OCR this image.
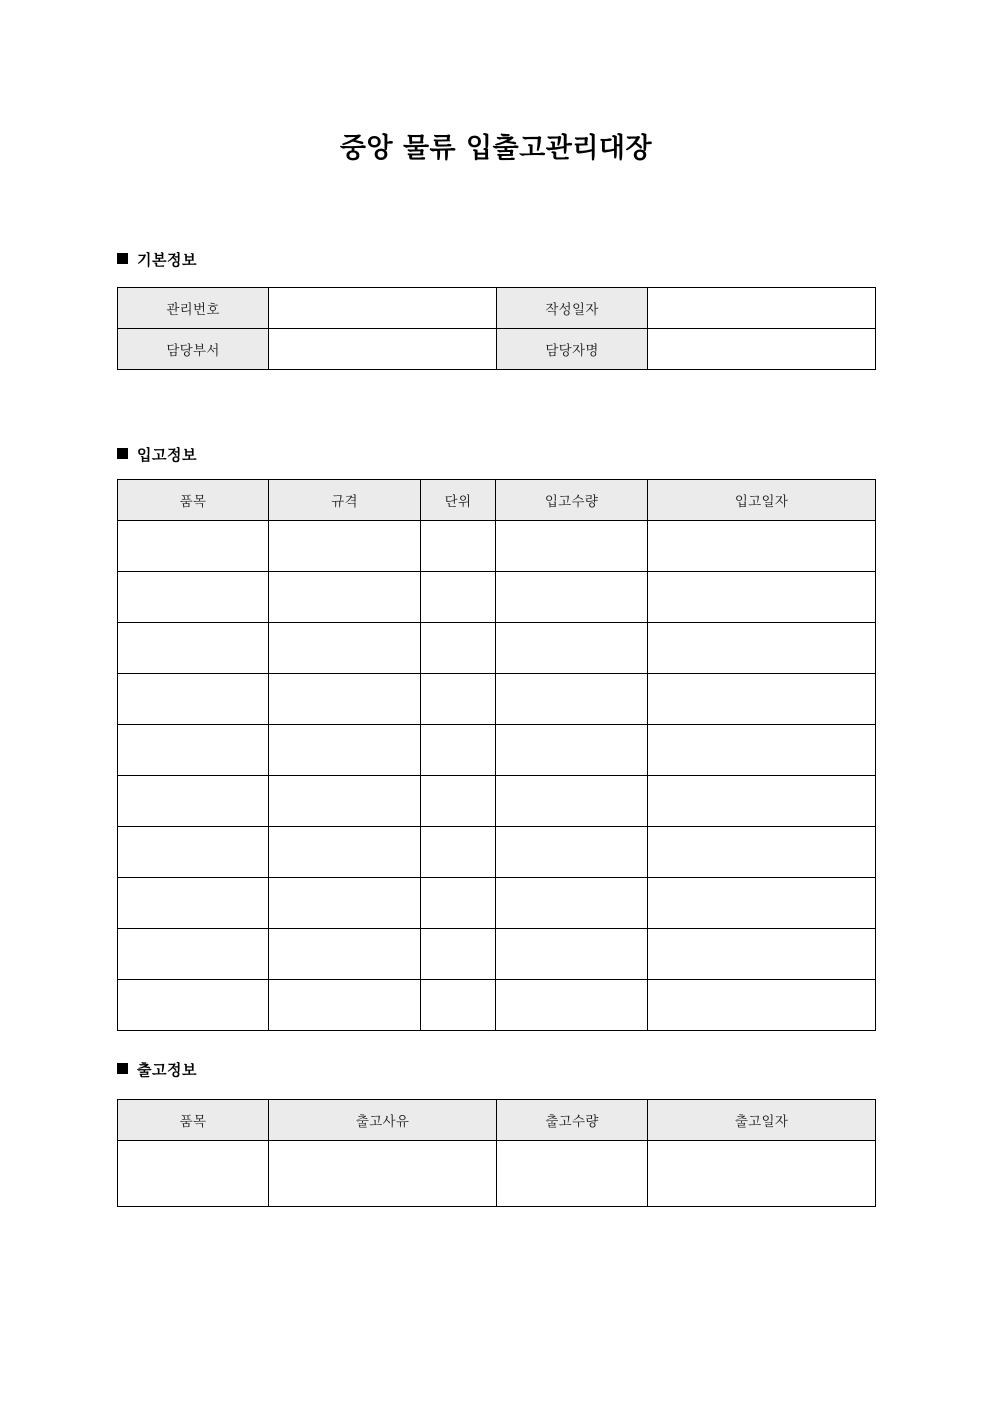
중앙 물류 입출고관리대장
기본정보
관리번호		작성일자	
담당부서		담당자명	
입고정보
품목	규격	단위	입고수량	입고일자

출고정보
품목	출고사유	출고수량	출고일자
